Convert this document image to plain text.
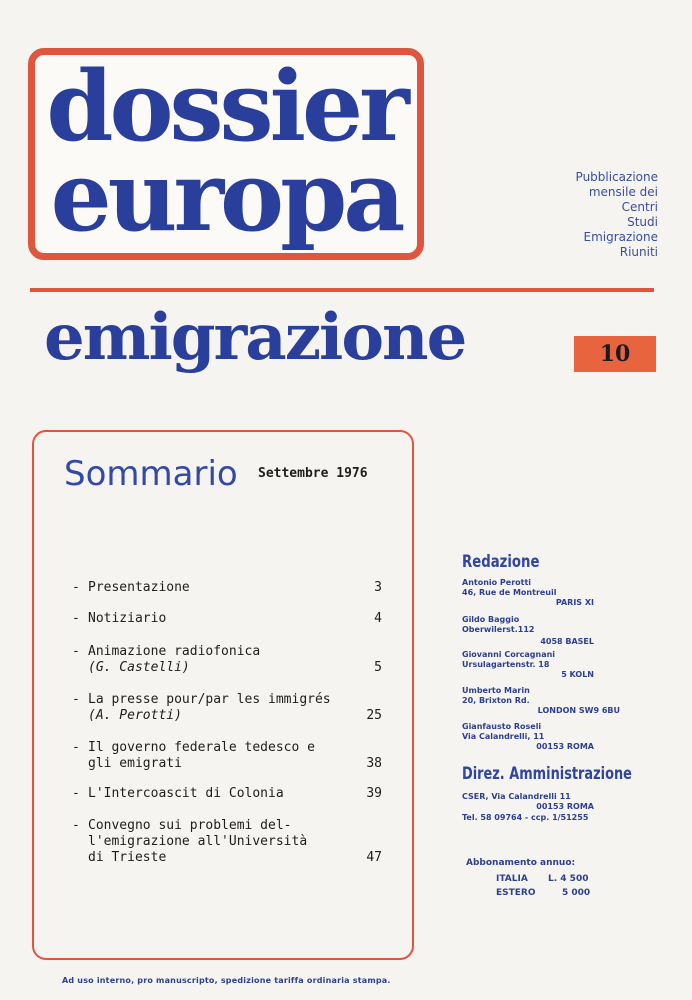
dossier
europa	Pubblicazione
mensile dei
Centri
Studi
Emigrazione
Riuniti
emigrazione	10
Sommario Settembre 1976
- Presentazione	3
- Notiziario	4
- Animazione radiofonica
(G. Castelli)	5
- La presse pour/par les immigrés
(A. Perotti)	25
- Il governo federale tedesco e gli emigrati	38
- L'Intercoascit di Colonia	39
- Convegno sui problemi del- l'emigrazione all'Università di Trieste	47
Redazione
Antonio Perotti
46, Rue de Montreuil
PARIS XI
Gildo Baggio
Oberwilerst.112
4058 BASEL
Giovanni Corcagnani
Ursulagartenstr. 18
5 KOLN
Umberto Marin
20, Brixton Rd.
LONDON SW9 6BU
Gianfausto Roseli
Via Calandrelli, 11
00153 ROMA
Direz. Amministrazione
CSER, Via Calandrelli 11
00153 ROMA
Tel. 58 09764 - ccp. 1/51255
Abbonamento annuo:
ITALIA L. 4 500
ESTERO	5 000
Ad uso interno, pro manuscripto, spedizione tariffa ordinaria stampa.
